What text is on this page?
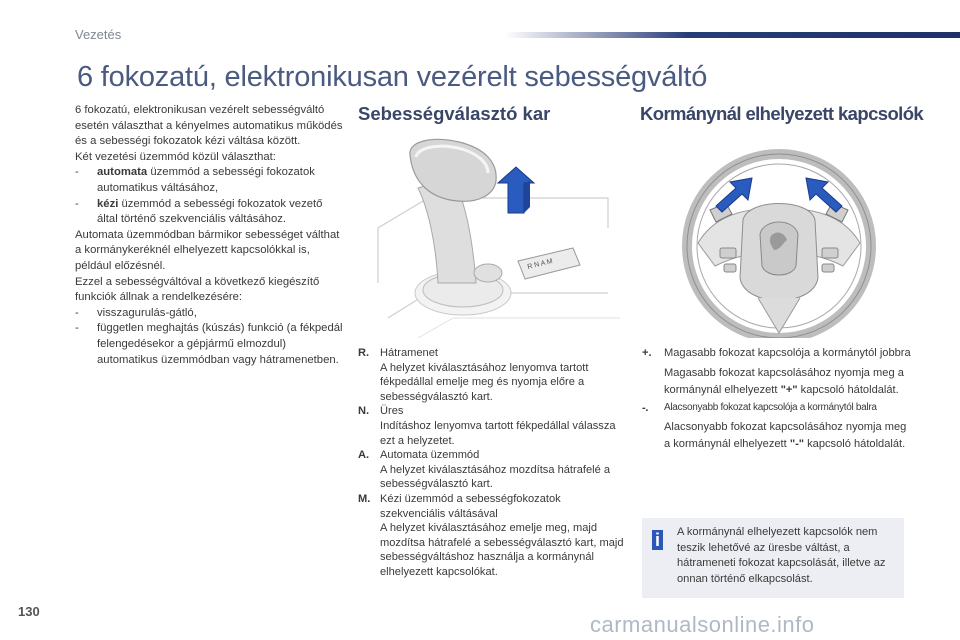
Vezetés
6 fokozatú, elektronikusan vezérelt sebességváltó

6 fokozatú, elektronikusan vezérelt sebességváltó esetén választhat a kényelmes automatikus működés és a sebességi fokozatok kézi váltása között.

Két vezetési üzemmód közül választhat:

- automata üzemmód a sebességi fokozatok automatikus váltásához,
- kézi üzemmód a sebességi fokozatok vezető által történő szekvenciális váltásához.

Automata üzemmódban bármikor sebességet válthat a kormánykeréknél elhelyezett kapcsolókkal is, például előzésnél.

Ezzel a sebességváltóval a következő kiegészítő funkciók állnak a rendelkezésére:

- visszagurulás-gátló,
- független meghajtás (kúszás) funkció (a fékpedál felengedésekor a gépjármű elmozdul) automatikus üzemmódban vagy hátramenetben.
Sebességválasztó kar
R N A M
R. Hátramenet
A helyzet kiválasztásához lenyomva tartott fékpedállal emelje meg és nyomja előre a sebességválasztó kart.
N. Üres
Indításhoz lenyomva tartott fékpedállal válassza ezt a helyzetet.
A. Automata üzemmód
A helyzet kiválasztásához mozdítsa hátrafelé a sebességválasztó kart.
M. Kézi üzemmód a sebességfokozatok szekvenciális váltásával
A helyzet kiválasztásához emelje meg, majd mozdítsa hátrafelé a sebességválasztó kart, majd sebességváltáshoz használja a kormánynál elhelyezett kapcsolókat.
Kormánynál elhelyezett kapcsolók
+. Magasabb fokozat kapcsolója a kormánytól jobbra
Magasabb fokozat kapcsolásához nyomja meg a kormánynál elhelyezett "+" kapcsoló hátoldalát.
-. Alacsonyabb fokozat kapcsolója a kormánytól balra
Alacsonyabb fokozat kapcsolásához nyomja meg a kormánynál elhelyezett "-" kapcsoló hátoldalát.
i A kormánynál elhelyezett kapcsolók nem teszik lehetővé az üresbe váltást, a hátrameneti fokozat kapcsolását, illetve az onnan történő elkapcsolást.
130
carmanualsonline.info
